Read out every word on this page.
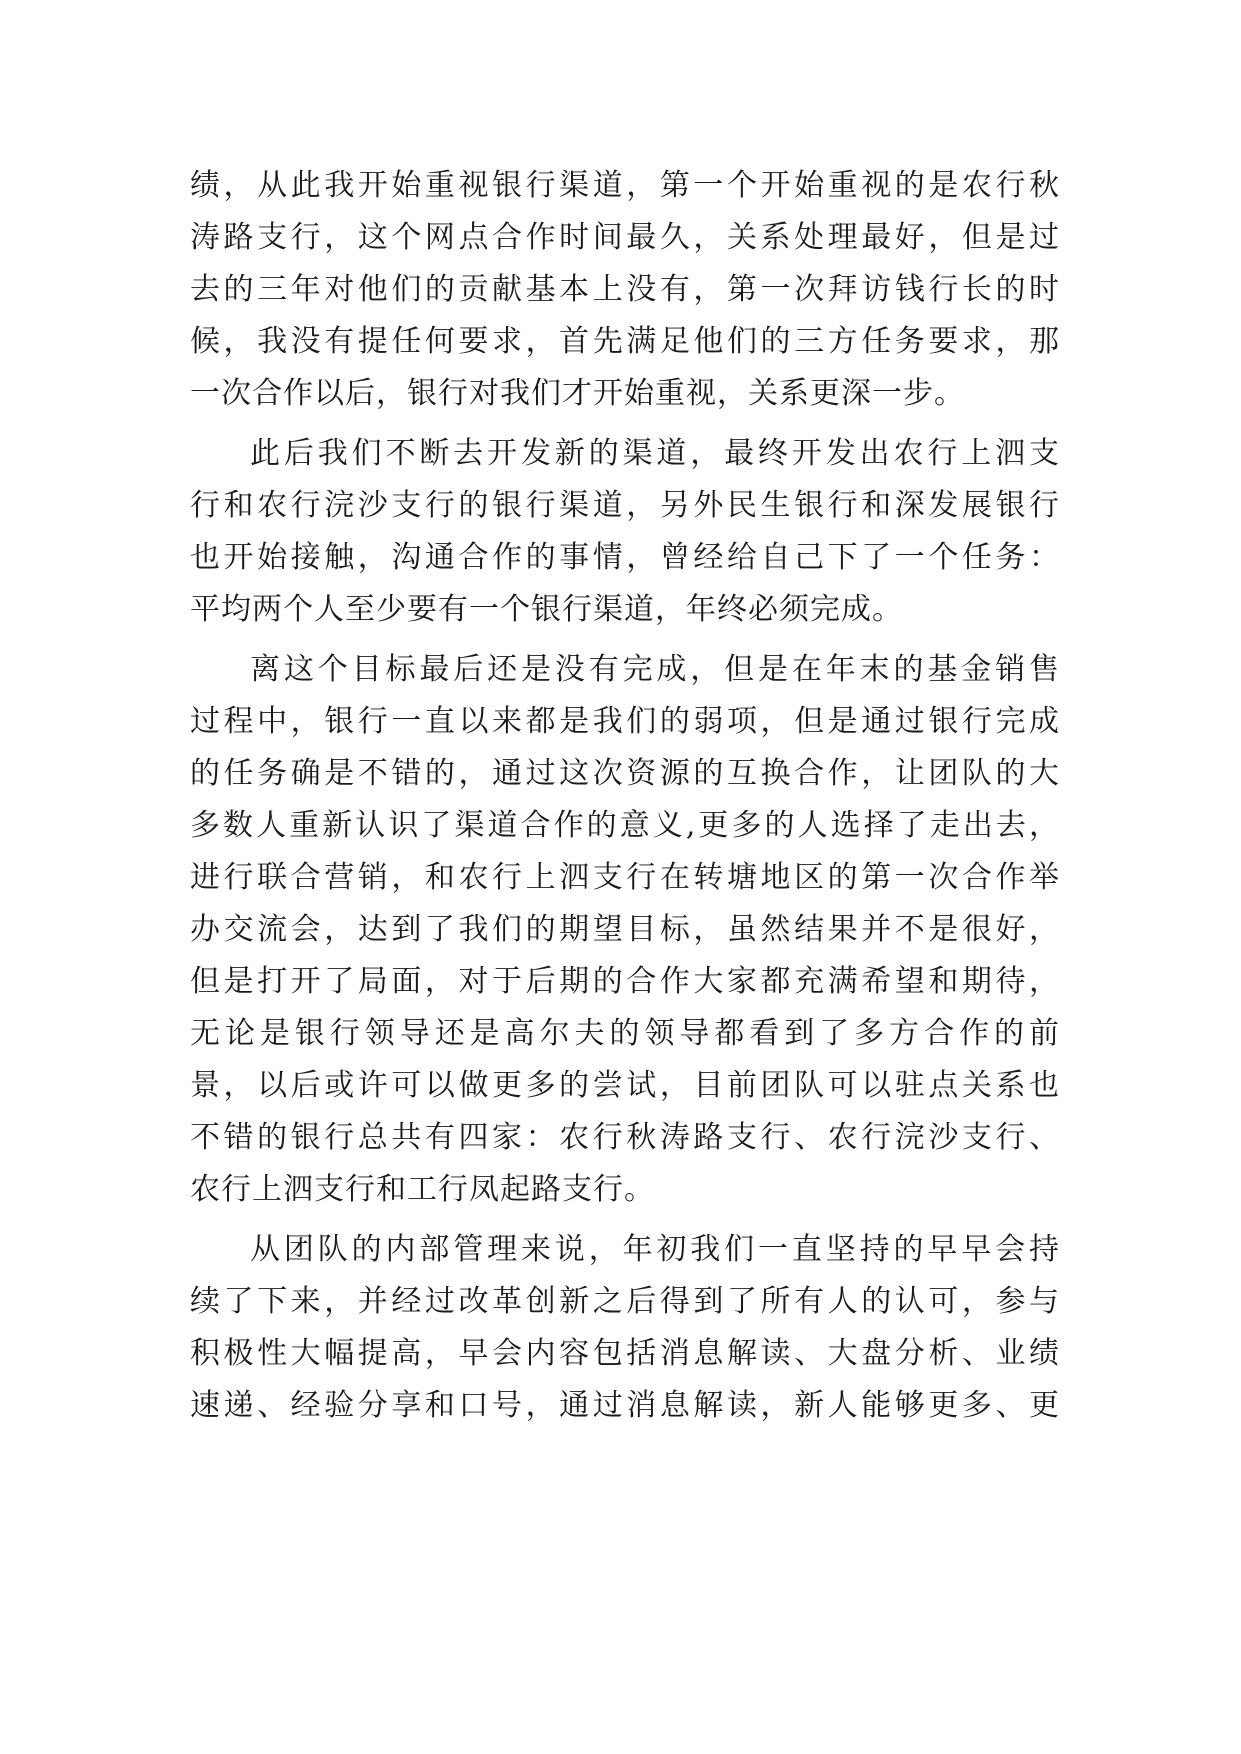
绩，从此我开始重视银行渠道，第一个开始重视的是农行秋
涛路支行，这个网点合作时间最久，关系处理最好，但是过
去的三年对他们的贡献基本上没有，第一次拜访钱行长的时
候，我没有提任何要求，首先满足他们的三方任务要求，那
一次合作以后，银行对我们才开始重视，关系更深一步。
此后我们不断去开发新的渠道，最终开发出农行上泗支
行和农行浣沙支行的银行渠道，另外民生银行和深发展银行
也开始接触，沟通合作的事情，曾经给自己下了一个任务：
平均两个人至少要有一个银行渠道，年终必须完成。
离这个目标最后还是没有完成，但是在年末的基金销售
过程中，银行一直以来都是我们的弱项，但是通过银行完成
的任务确是不错的，通过这次资源的互换合作，让团队的大
多数人重新认识了渠道合作的意义,更多的人选择了走出去，
进行联合营销，和农行上泗支行在转塘地区的第一次合作举
办交流会，达到了我们的期望目标，虽然结果并不是很好，
但是打开了局面，对于后期的合作大家都充满希望和期待，
无论是银行领导还是高尔夫的领导都看到了多方合作的前
景，以后或许可以做更多的尝试，目前团队可以驻点关系也
不错的银行总共有四家：农行秋涛路支行、农行浣沙支行、
农行上泗支行和工行凤起路支行。
从团队的内部管理来说，年初我们一直坚持的早早会持
续了下来，并经过改革创新之后得到了所有人的认可，参与
积极性大幅提高，早会内容包括消息解读、大盘分析、业绩
速递、经验分享和口号，通过消息解读，新人能够更多、更
